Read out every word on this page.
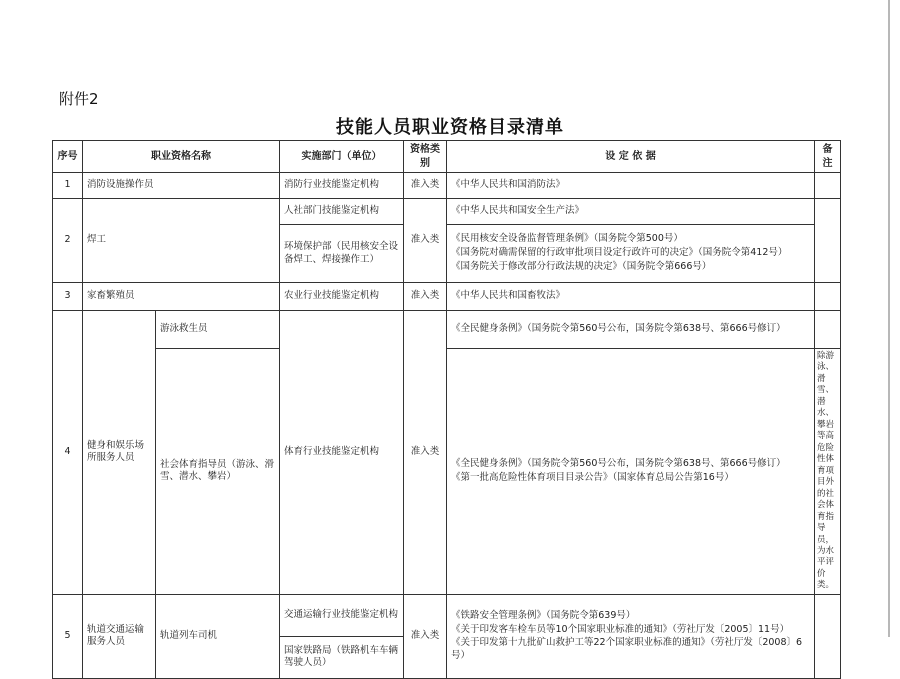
附件2
技能人员职业资格目录清单
序号	职业资格名称		实施部门（单位）	资格类别	设 定 依 据	备注
1	消防设施操作员		消防行业技能鉴定机构	准入类	《中华人民共和国消防法》	

2	焊工		人社部门技能鉴定机构	准入类	《中华人民共和国安全生产法》	

			环境保护部（民用核安全设备焊工、焊接操作工）		《民用核安全设备监督管理条例》（国务院令第500号）
《国务院对确需保留的行政审批项目设定行政许可的决定》（国务院令第412号）
《国务院关于修改部分行政法规的决定》（国务院令第666号）	

3	家畜繁殖员		农业行业技能鉴定机构	准入类	《中华人民共和国畜牧法》	

4	健身和娱乐场所服务人员	游泳救生员	体育行业技能鉴定机构	准入类	《全民健身条例》（国务院令第560号公布，国务院令第638号、第666号修订）	

		社会体育指导员（游泳、滑雪、潜水、攀岩）			《全民健身条例》（国务院令第560号公布，国务院令第638号、第666号修订）
《第一批高危险性体育项目目录公告》（国家体育总局公告第16号）	除游泳、滑雪、潜水、攀岩等高危险性体育项目外的社会体育指导员，为水平评价类。
5	轨道交通运输服务人员	轨道列车司机	交通运输行业技能鉴定机构	准入类	《铁路安全管理条例》（国务院令第639号）
《关于印发客车检车员等10个国家职业标准的通知》（劳社厅发〔2005〕11号）
《关于印发第十九批矿山救护工等22个国家职业标准的通知》（劳社厅发〔2008〕6号）	

			国家铁路局（铁路机车车辆驾驶人员）			
